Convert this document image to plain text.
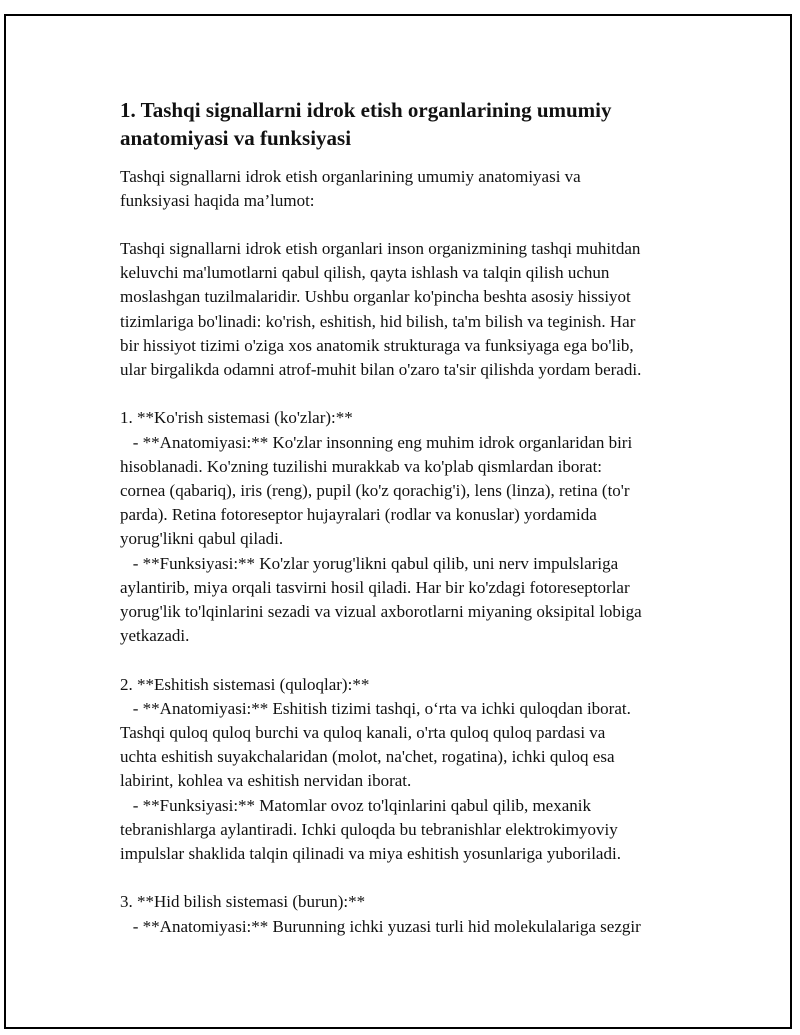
1. Tashqi signallarni idrok etish organlarining umumiy
anatomiyasi va funksiyasi

Tashqi signallarni idrok etish organlarining umumiy anatomiyasi va
funksiyasi haqida ma’lumot:

Tashqi signallarni idrok etish organlari inson organizmining tashqi muhitdan
keluvchi ma'lumotlarni qabul qilish, qayta ishlash va talqin qilish uchun
moslashgan tuzilmalaridir. Ushbu organlar ko'pincha beshta asosiy hissiyot
tizimlariga bo'linadi: ko'rish, eshitish, hid bilish, ta'm bilish va teginish. Har
bir hissiyot tizimi o'ziga xos anatomik strukturaga va funksiyaga ega bo'lib,
ular birgalikda odamni atrof-muhit bilan o'zaro ta'sir qilishda yordam beradi.
1. **Ko'rish sistemasi (ko'zlar):**
- **Anatomiyasi:** Ko'zlar insonning eng muhim idrok organlaridan biri
hisoblanadi. Ko'zning tuzilishi murakkab va ko'plab qismlardan iborat:
cornea (qabariq), iris (reng), pupil (ko'z qorachig'i), lens (linza), retina (to'r
parda). Retina fotoreseptor hujayralari (rodlar va konuslar) yordamida
yorug'likni qabul qiladi.
- **Funksiyasi:** Ko'zlar yorug'likni qabul qilib, uni nerv impulslariga
aylantirib, miya orqali tasvirni hosil qiladi. Har bir ko'zdagi fotoreseptorlar
yorug'lik to'lqinlarini sezadi va vizual axborotlarni miyaning oksipital lobiga
yetkazadi.
2. **Eshitish sistemasi (quloqlar):**
- **Anatomiyasi:** Eshitish tizimi tashqi, o‘rta va ichki quloqdan iborat.
Tashqi quloq quloq burchi va quloq kanali, o'rta quloq quloq pardasi va
uchta eshitish suyakchalaridan (molot, na'chet, rogatina), ichki quloq esa
labirint, kohlea va eshitish nervidan iborat.
- **Funksiyasi:** Matomlar ovoz to'lqinlarini qabul qilib, mexanik
tebranishlarga aylantiradi. Ichki quloqda bu tebranishlar elektrokimyoviy
impulslar shaklida talqin qilinadi va miya eshitish yosunlariga yuboriladi.
3. **Hid bilish sistemasi (burun):**
- **Anatomiyasi:** Burunning ichki yuzasi turli hid molekulalariga sezgir
